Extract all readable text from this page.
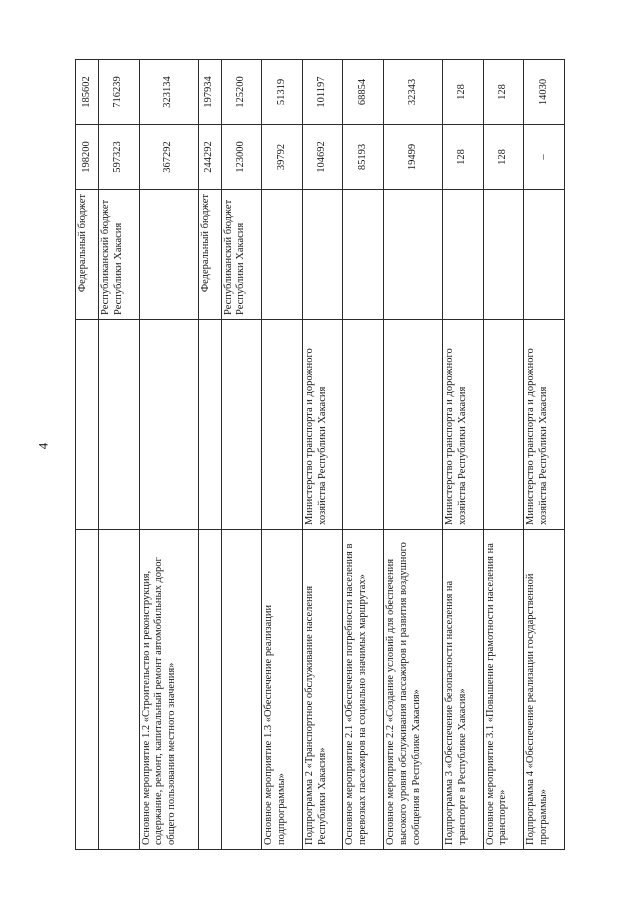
4
		Федеральный бюджет	198200	185602
		Республиканский бюджет Республики Хакасия	597323	716239
Основное мероприятие 1.2 «Строительство и реконструкция, содержание, ремонт, капитальный ремонт автомобильных дорог общего пользования местного значения»			367292	323134
		Федеральный бюджет	244292	197934
		Республиканский бюджет Республики Хакасия	123000	125200
Основное мероприятие 1.3 «Обеспечение реализации подпрограммы»			39792	51319
Подпрограмма 2 «Транспортное обслуживание населения Республики Хакасия»	Министерство транспорта и дорожного хозяйства Республики Хакасия		104692	101197
Основное мероприятие 2.1 «Обеспечение потребности населения в перевозках пассажиров на социально значимых маршрутах»			85193	68854
Основное мероприятие 2.2 «Создание условий для обеспечения высокого уровня обслуживания пассажиров и развития воздушного сообщения в Республике Хакасия»			19499	32343
Подпрограмма 3 «Обеспечение безопасности населения на транспорте в Республике Хакасия»	Министерство транспорта и дорожного хозяйства Республики Хакасия		128	128
Основное мероприятие 3.1 «Повышение грамотности населения на транспорте»			128	128
Подпрограмма 4 «Обеспечение реализации государственной программы»	Министерство транспорта и дорожного хозяйства Республики Хакасия		–	14030
